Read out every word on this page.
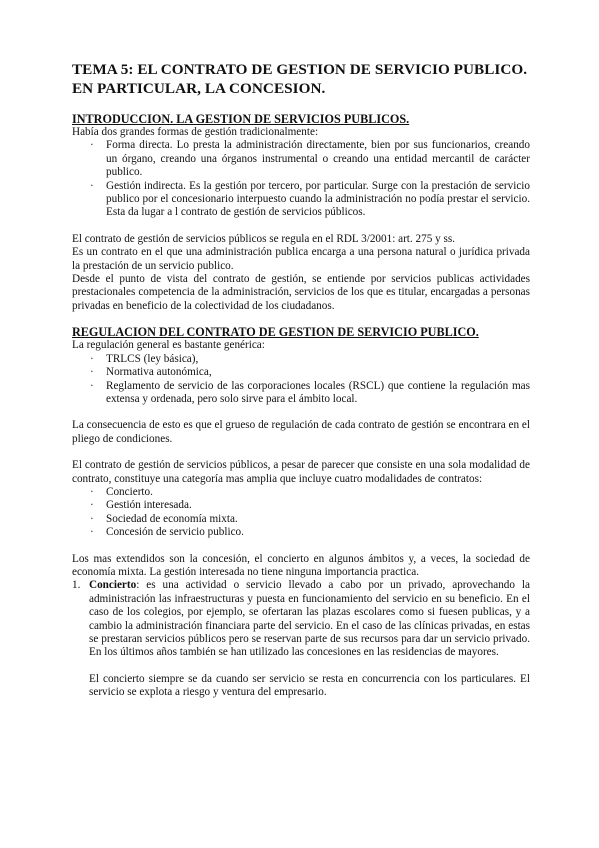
TEMA 5: EL CONTRATO DE GESTION DE SERVICIO PUBLICO.

EN PARTICULAR, LA CONCESION.

INTRODUCCION. LA GESTION DE SERVICIOS PUBLICOS.

Había dos grandes formas de gestión tradicionalmente:

· Forma directa. Lo presta la administración directamente, bien por sus funcionarios, creando un órgano, creando una órganos instrumental o creando una entidad mercantil de carácter publico.
· Gestión indirecta. Es la gestión por tercero, por particular. Surge con la prestación de servicio publico por el concesionario interpuesto cuando la administración no podía prestar el servicio. Esta da lugar a l contrato de gestión de servicios públicos.

El contrato de gestión de servicios públicos se regula en el RDL 3/2001: art. 275 y ss.

Es un contrato en el que una administración publica encarga a una persona natural o jurídica privada la prestación de un servicio publico.

Desde el punto de vista del contrato de gestión, se entiende por servicios publicas actividades prestacionales competencia de la administración, servicios de los que es titular, encargadas a personas privadas en beneficio de la colectividad de los ciudadanos.

REGULACION DEL CONTRATO DE GESTION DE SERVICIO PUBLICO.

La regulación general es bastante genérica:

· TRLCS (ley básica),
· Normativa autonómica,
· Reglamento de servicio de las corporaciones locales (RSCL) que contiene la regulación mas extensa y ordenada, pero solo sirve para el ámbito local.

La consecuencia de esto es que el grueso de regulación de cada contrato de gestión se encontrara en el pliego de condiciones.

El contrato de gestión de servicios públicos, a pesar de parecer que consiste en una sola modalidad de contrato, constituye una categoría mas amplia que incluye cuatro modalidades de contratos:

· Concierto.
· Gestión interesada.
· Sociedad de economía mixta.
· Concesión de servicio publico.

Los mas extendidos son la concesión, el concierto en algunos ámbitos y, a veces, la sociedad de economía mixta. La gestión interesada no tiene ninguna importancia practica.

1. Concierto: es una actividad o servicio llevado a cabo por un privado, aprovechando la administración las infraestructuras y puesta en funcionamiento del servicio en su beneficio. En el caso de los colegios, por ejemplo, se ofertaran las plazas escolares como si fuesen publicas, y a cambio la administración financiara parte del servicio. En el caso de las clínicas privadas, en estas se prestaran servicios públicos pero se reservan parte de sus recursos para dar un servicio privado. En los últimos años también se han utilizado las concesiones en las residencias de mayores.

El concierto siempre se da cuando ser servicio se resta en concurrencia con los particulares. El servicio se explota a riesgo y ventura del empresario.
